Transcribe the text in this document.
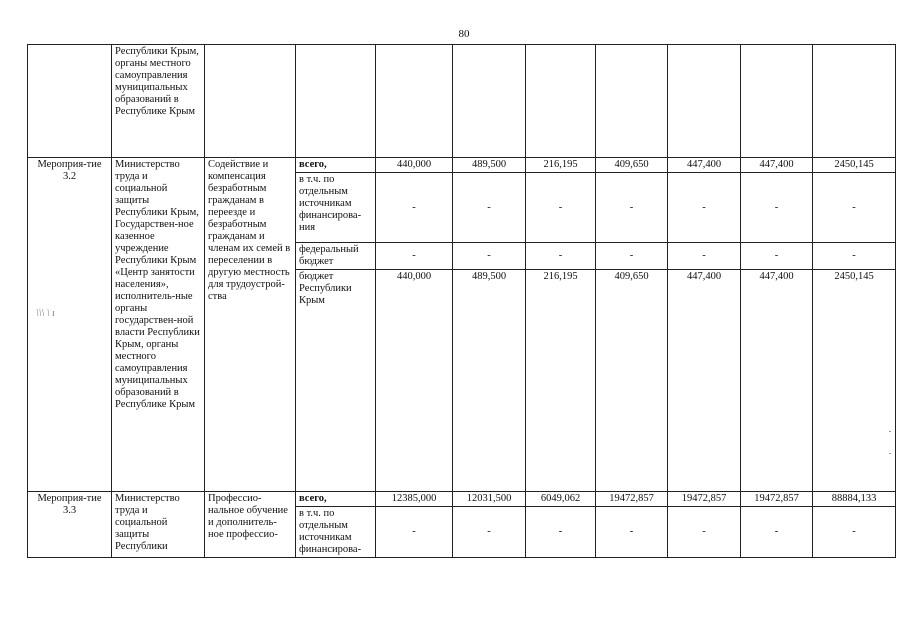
80
	Республики Крым, органы местного самоуправления муниципальных образований в Республике Крым									
Мероприя-тие 3.2	Министерство труда и социальной защиты Республики Крым, Государствен-ное казенное учреждение Республики Крым «Центр занятости населения», исполнитель-ные органы государствен-ной власти Республики Крым, органы местного самоуправления муниципальных образований в Республике Крым	Содействие и компенсация безработным гражданам в переезде и безработным гражданам и членам их семей в переселении в другую местность для трудоустрой-ства	всего,	440,000	489,500	216,195	409,650	447,400	447,400	2450,145
			в т.ч. по отдельным источникам финансирова-ния	-	-	-	-	-	-	-
			федеральный бюджет	-	-	-	-	-	-	-
			бюджет Республики Крым	440,000	489,500	216,195	409,650	447,400	447,400	2450,145
Мероприя-тие 3.3	Министерство труда и социальной защиты Республики	Профессио-нальное обучение и дополнитель-ное профессио-	всего,	12385,000	12031,500	6049,062	19472,857	19472,857	19472,857	88884,133
			в т.ч. по отдельным источникам финансирова-	-	-	-	-	-	-	-
\\\ \ ı
